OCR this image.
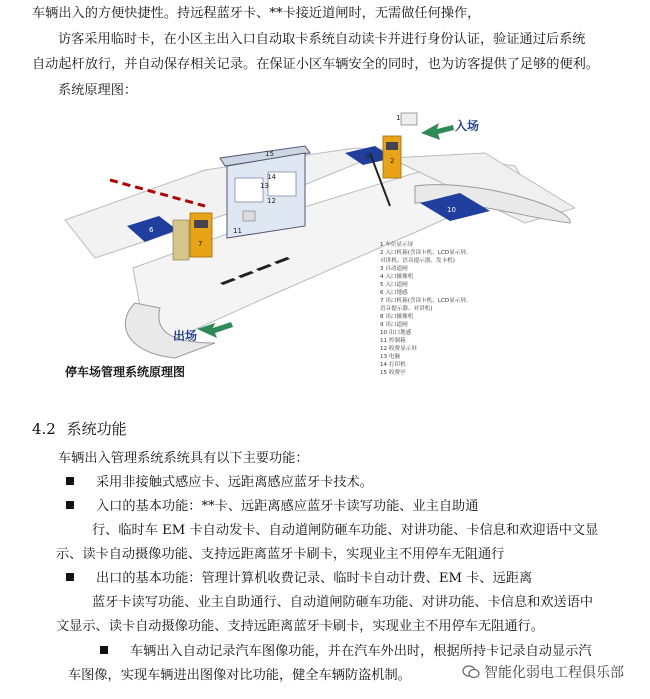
车辆出入的方便快捷性。持远程蓝牙卡、**卡接近道闸时，无需做任何操作，
访客采用临时卡，在小区主出入口自动取卡系统自动读卡并进行身份认证，验证通过后系统
自动起杆放行，并自动保存相关记录。在保证小区车辆安全的同时，也为访客提供了足够的便利。
系统原理图：
入场
出场
停车场管理系统原理图
1
2
3
6
7
10
11
12
13
14
15
1 车位显示屏
2 入口机箱(含读卡机、LCD显示屏、
对讲机、语音提示器、发卡机)
3 自动道闸
4 入口摄像机
5 入口道闸
6 入口地感
7 出口机箱(含读卡机、LCD显示屏、
语音提示器、对讲机)
8 出口摄像机
9 出口道闸
10 出口地感
11 控制箱
12 收费显示屏
13 电脑
14 打印机
15 收费亭
4.2 系统功能
车辆出入管理系统系统具有以下主要功能：
采用非接触式感应卡、远距离感应蓝牙卡技术。
入口的基本功能：**卡、远距离感应蓝牙卡读写功能、业主自助通
行、临时车 EM 卡自动发卡、自动道闸防砸车功能、对讲功能、卡信息和欢迎语中文显
示、读卡自动摄像功能、支持远距离蓝牙卡刷卡，实现业主不用停车无阻通行
出口的基本功能：管理计算机收费记录、临时卡自动计费、EM 卡、远距离
蓝牙卡读写功能、业主自助通行、自动道闸防砸车功能、对讲功能、卡信息和欢送语中
文显示、读卡自动摄像功能、支持远距离蓝牙卡刷卡，实现业主不用停车无阻通行。
车辆出入自动记录汽车图像功能，并在汽车外出时，根据所持卡记录自动显示汽
车图像，实现车辆进出图像对比功能，健全车辆防盗机制。	智能化弱电工程俱乐部
